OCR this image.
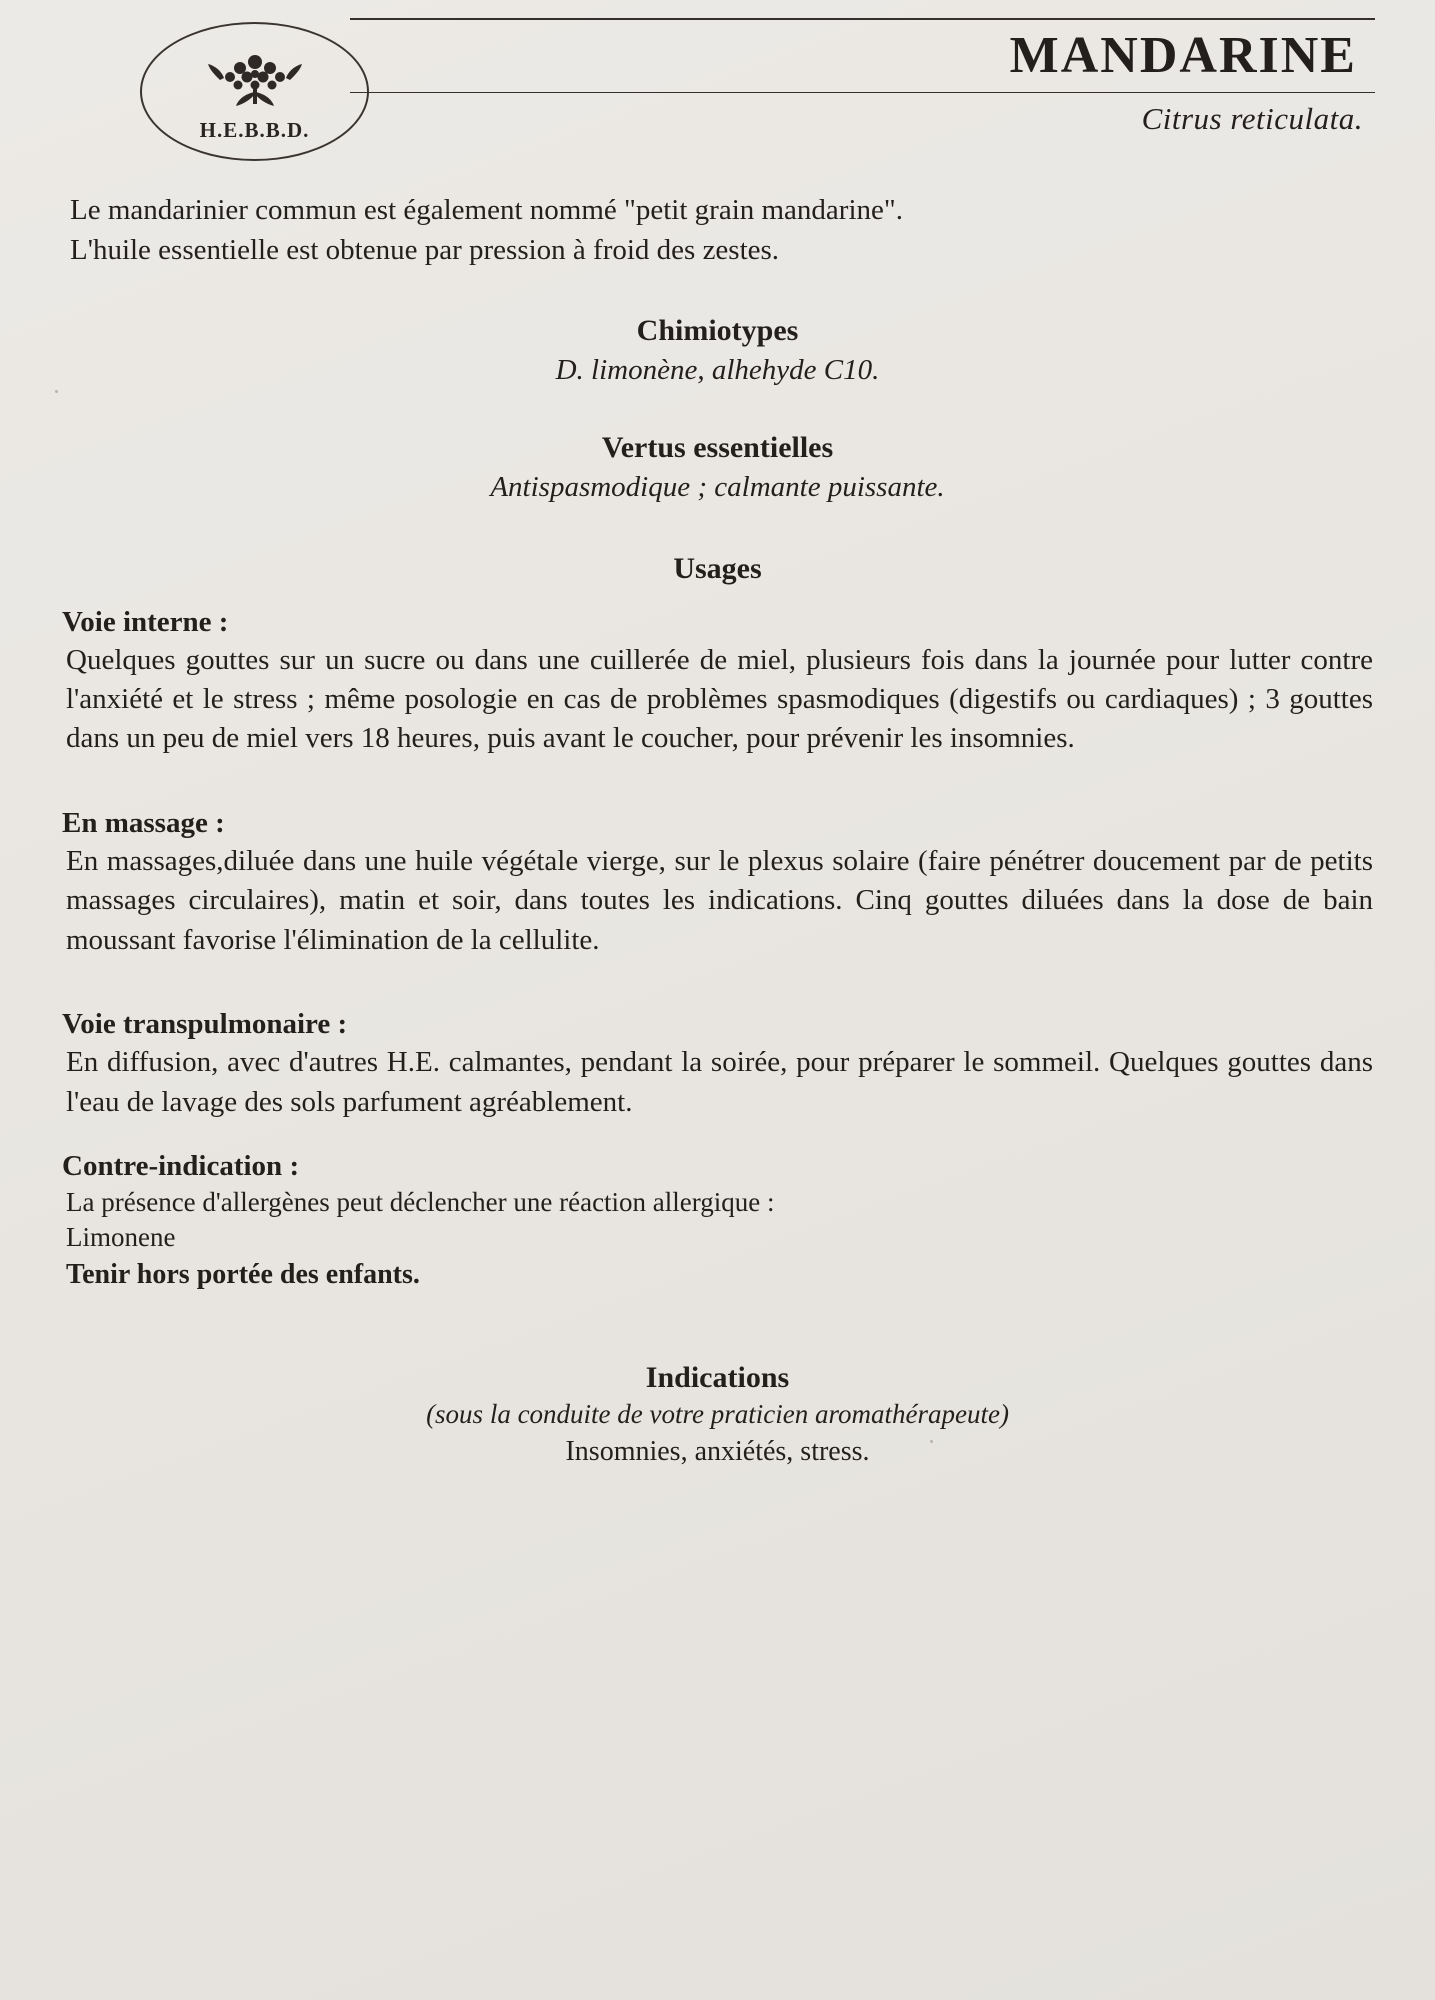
H.E.B.B.D.
MANDARINE
Citrus reticulata.
Le mandarinier commun est également nommé "petit grain mandarine".
L'huile essentielle est obtenue par pression à froid des zestes.
Chimiotypes
D. limonène, alhehyde C10.
Vertus essentielles
Antispasmodique ; calmante puissante.
Usages
Voie interne :
Quelques gouttes sur un sucre ou dans une cuillerée de miel, plusieurs fois dans la journée pour lutter contre l'anxiété et le stress ; même posologie en cas de problèmes spasmodiques (digestifs ou cardiaques) ; 3 gouttes dans un peu de miel vers 18 heures, puis avant le coucher, pour prévenir les insomnies.
En massage :
En massages,diluée dans une huile végétale vierge, sur le plexus solaire (faire pénétrer doucement par de petits massages circulaires), matin et soir, dans toutes les indications. Cinq gouttes diluées dans la dose de bain moussant favorise l'élimination de la cellulite.
Voie transpulmonaire :
En diffusion, avec d'autres H.E. calmantes, pendant la soirée, pour préparer le sommeil. Quelques gouttes dans l'eau de lavage des sols parfument agréablement.
Contre-indication :
La présence d'allergènes peut déclencher une réaction allergique :
Limonene
Tenir hors portée des enfants.
Indications
(sous la conduite de votre praticien aromathérapeute)
Insomnies, anxiétés, stress.
